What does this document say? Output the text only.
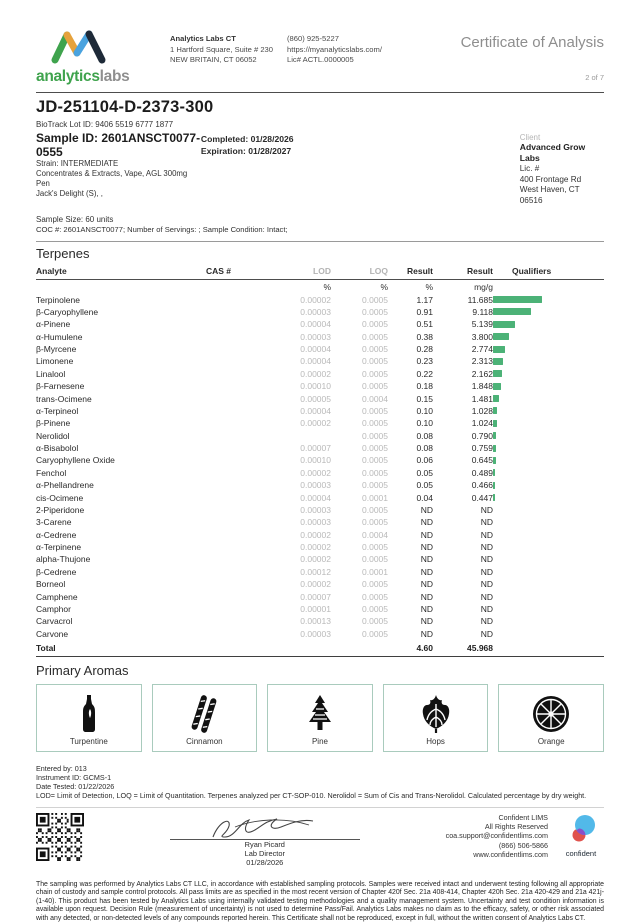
analyticslabs
Analytics Labs CT
1 Hartford Square, Suite # 230
NEW BRITAIN, CT 06052
(860) 925-5227
https://myanalyticslabs.com/
Lic# ACTL.0000005
Certificate of Analysis
2 of 7
JD-251104-D-2373-300
BioTrack Lot ID: 9406 5519 6777 1877
Sample ID: 2601ANSCT0077-0555
Strain: INTERMEDIATE
Concentrates & Extracts, Vape, AGL 300mg Pen
Jack's Delight (S), ,
Completed: 01/28/2026
Expiration: 01/28/2027
Client
Advanced Grow Labs
Lic. #
400 Frontage Rd
West Haven, CT 06516
Sample Size: 60 units
COC #: 2601ANSCT0077; Number of Servings: ; Sample Condition: Intact;
Terpenes
Analyte	CAS #	LOD	LOQ	Result	Result	Qualifiers
		%	%	%	mg/g	
Terpinolene		0.00002	0.0005	1.17	11.685	

β-Caryophyllene		0.00003	0.0005	0.91	9.118	

α-Pinene		0.00004	0.0005	0.51	5.139	

α-Humulene		0.00003	0.0005	0.38	3.800	

β-Myrcene		0.00004	0.0005	0.28	2.774	

Limonene		0.00004	0.0005	0.23	2.313	

Linalool		0.00002	0.0005	0.22	2.162	

β-Farnesene		0.00010	0.0005	0.18	1.848	

trans-Ocimene		0.00005	0.0004	0.15	1.481	

α-Terpineol		0.00004	0.0005	0.10	1.028	

β-Pinene		0.00002	0.0005	0.10	1.024	

Nerolidol			0.0005	0.08	0.790	

α-Bisabolol		0.00007	0.0005	0.08	0.759	

Caryophyllene Oxide		0.00010	0.0005	0.06	0.645	

Fenchol		0.00002	0.0005	0.05	0.489	

α-Phellandrene		0.00003	0.0005	0.05	0.466	

cis-Ocimene		0.00004	0.0001	0.04	0.447	

2-Piperidone		0.00003	0.0005	ND	ND	
3-Carene		0.00003	0.0005	ND	ND	
α-Cedrene		0.00002	0.0004	ND	ND	
α-Terpinene		0.00002	0.0005	ND	ND	
alpha-Thujone		0.00002	0.0005	ND	ND	
β-Cedrene		0.00012	0.0001	ND	ND	
Borneol		0.00002	0.0005	ND	ND	
Camphene		0.00007	0.0005	ND	ND	
Camphor		0.00001	0.0005	ND	ND	
Carvacrol		0.00013	0.0005	ND	ND	
Carvone		0.00003	0.0005	ND	ND	
Total				4.60	45.968	
Primary Aromas
Turpentine	Cinnamon	Pine	Hops	Orange
Entered by: 013
Instrument ID: GCMS-1
Date Tested: 01/22/2026
LOD= Limit of Detection, LOQ = Limit of Quantitation. Terpenes analyzed per CT-SOP-010. Nerolidol = Sum of Cis and Trans-Nerolidol. Calculated percentage by dry weight.
Ryan Picard
Lab Director
01/28/2026
Confident LIMS
All Rights Reserved
coa.support@confidentlims.com
(866) 506-5866
www.confidentlims.com	confident
The sampling was performed by Analytics Labs CT LLC, in accordance with established sampling protocols. Samples were received intact and underwent testing following all appropriate chain of custody and sample control protocols. All pass limits are as specified in the most recent version of Chapter 420f Sec. 21a 408-414, Chapter 420h Sec. 21a 420-429 and 21a 421j-(1-40). This product has been tested by Analytics Labs using internally validated testing methodologies and a quality management system. Uncertainty and test condition information is available upon request. Decision Rule (measurement of uncertainty) is not used to determine Pass/Fail. Analytics Labs makes no claim as to the efficacy, safety, or other risk associated with any detected, or non-detected levels of any compounds reported herein. This Certificate shall not be reproduced, except in full, without the written consent of Analytics Labs CT.
